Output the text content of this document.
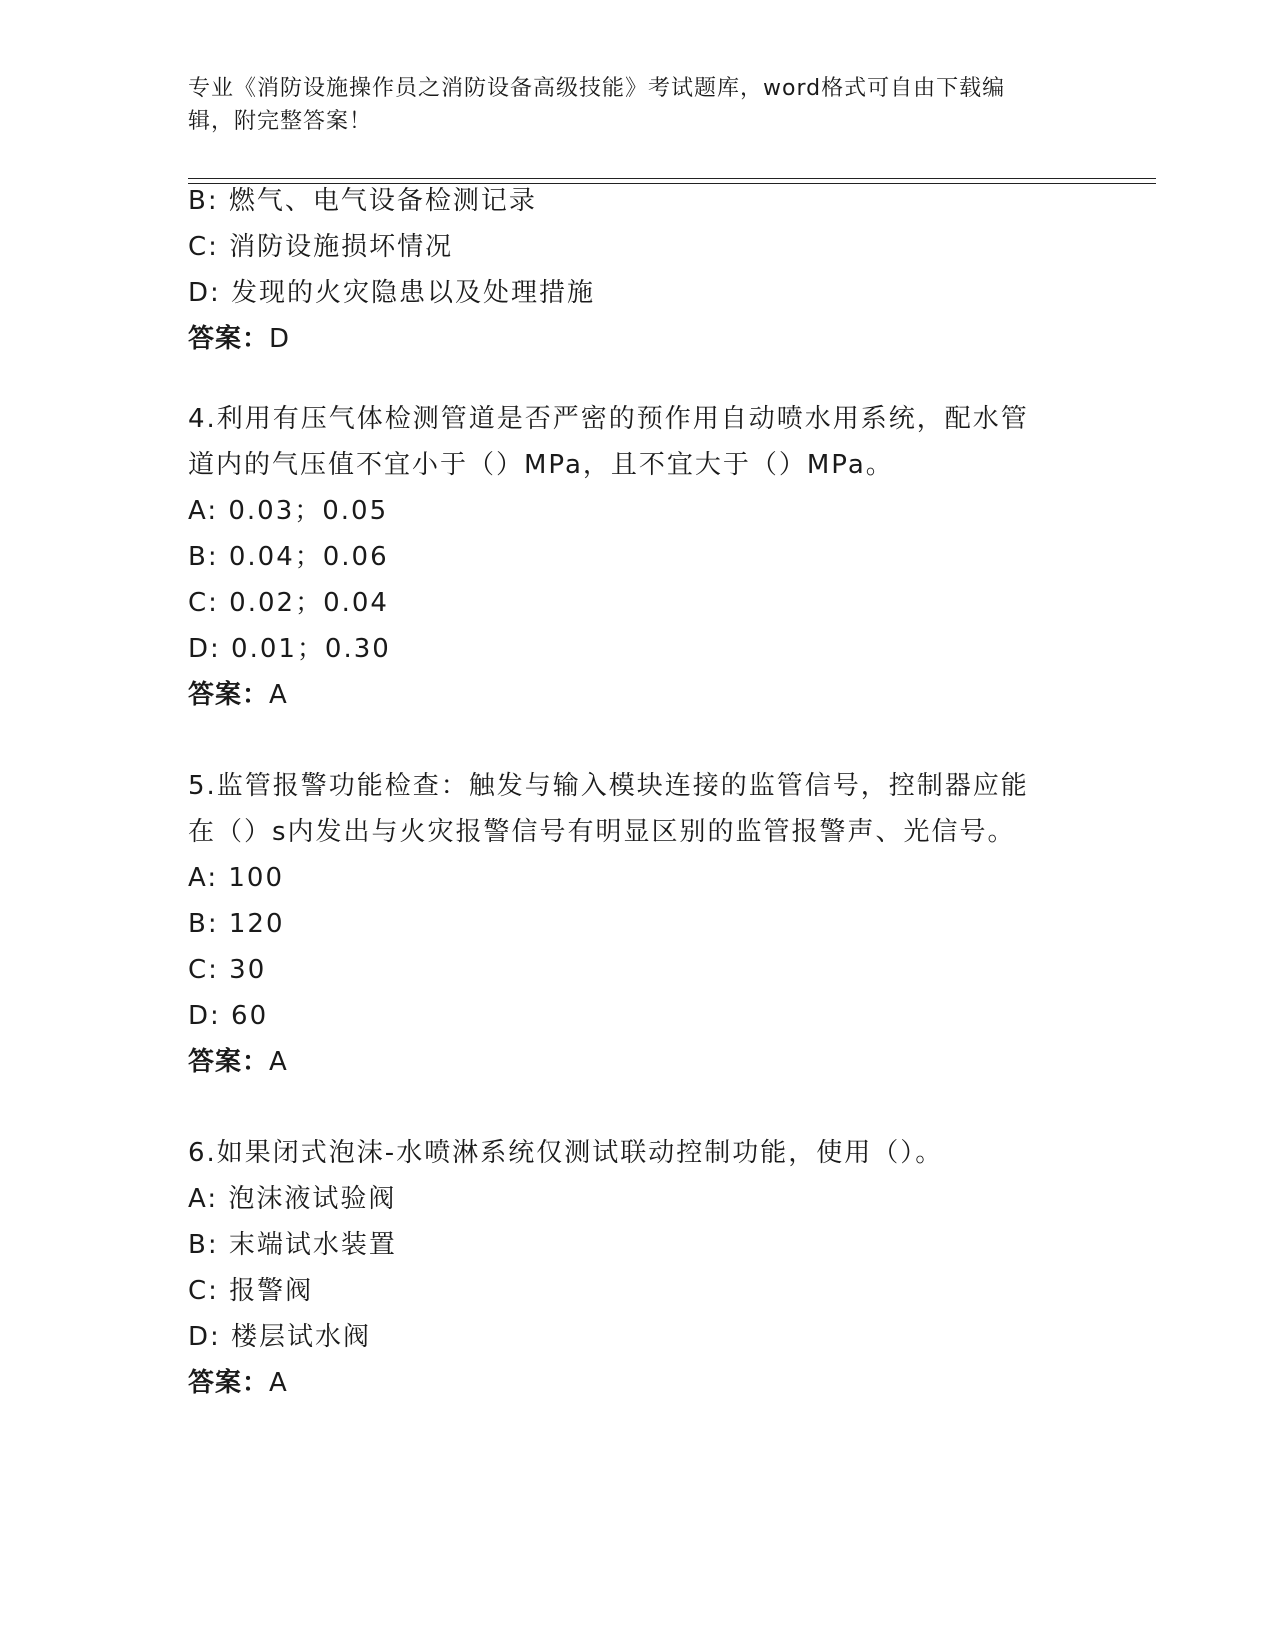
专业《消防设施操作员之消防设备高级技能》考试题库，word格式可自由下载编
辑，附完整答案！
B: 燃气、电气设备检测记录
C: 消防设施损坏情况
D: 发现的火灾隐患以及处理措施
答案：D
4.利用有压气体检测管道是否严密的预作用自动喷水用系统，配水管
道内的气压值不宜小于（）MPa，且不宜大于（）MPa。
A: 0.03；0.05
B: 0.04；0.06
C: 0.02；0.04
D: 0.01；0.30
答案：A
5.监管报警功能检查：触发与输入模块连接的监管信号，控制器应能
在（）s内发出与火灾报警信号有明显区别的监管报警声、光信号。
A: 100
B: 120
C: 30
D: 60
答案：A
6.如果闭式泡沫-水喷淋系统仅测试联动控制功能，使用（）。
A: 泡沫液试验阀
B: 末端试水装置
C: 报警阀
D: 楼层试水阀
答案：A
